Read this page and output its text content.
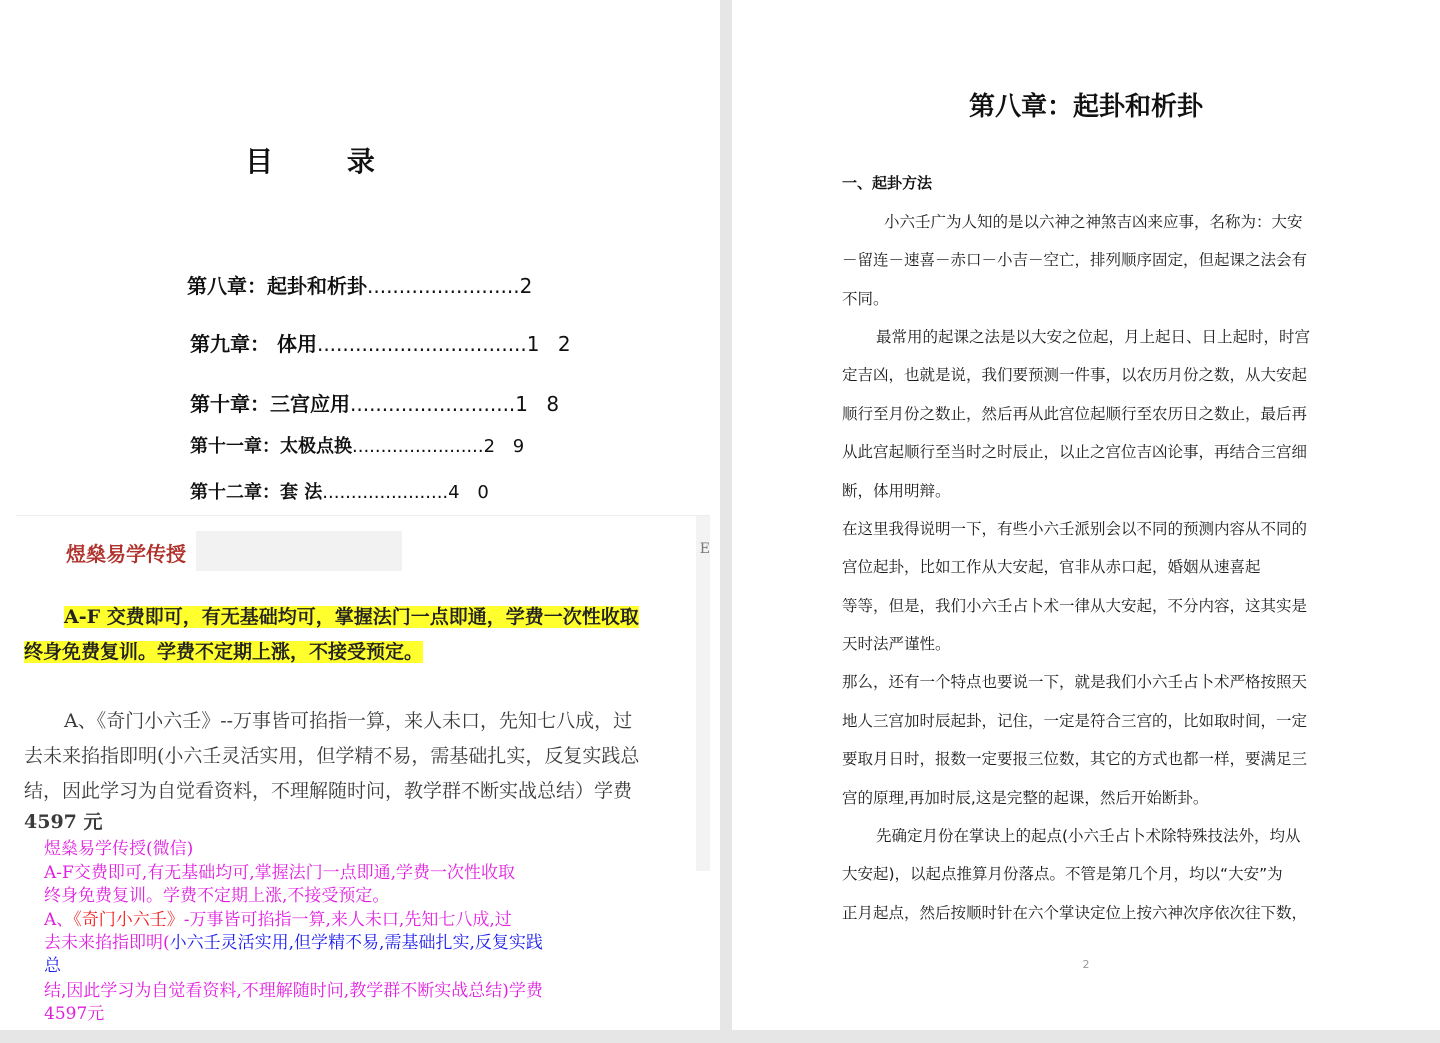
目 录
第八章：起卦和析卦........................2
第九章： 体用.................................1 2
第十章：三宫应用..........................1 8
第十一章：太极点换.......................2 9
第十二章：套 法......................4 0
E
煜燊易学传授
A-F 交费即可，有无基础均可，掌握法门一点即通，学费一次性收取
终身免费复训。学费不定期上涨，不接受预定。
A、《奇门小六壬》--万事皆可掐指一算，来人未口，先知七八成，过
去未来掐指即明(小六壬灵活实用，但学精不易，需基础扎实，反复实践总
结，因此学习为自觉看资料，不理解随时问，教学群不断实战总结）学费
4597 元
煜燊易学传授(微信)
A-F交费即可,有无基础均可,掌握法门一点即通,学费一次性收取
终身免费复训。学费不定期上涨,不接受预定。
A、《奇门小六壬》-万事皆可掐指一算,来人未口,先知七八成,过
去未来掐指即明(小六壬灵活实用,但学精不易,需基础扎实,反复实践
总
结,因此学习为自觉看资料,不理解随时问,教学群不断实战总结)学费
4597元
第八章：起卦和析卦
一、起卦方法
小六壬广为人知的是以六神之神煞吉凶来应事，名称为：大安
－留连－速喜－赤口－小吉－空亡，排列顺序固定，但起课之法会有
不同。
最常用的起课之法是以大安之位起，月上起日、日上起时，时宫
定吉凶，也就是说，我们要预测一件事，以农历月份之数，从大安起
顺行至月份之数止，然后再从此宫位起顺行至农历日之数止，最后再
从此宫起顺行至当时之时辰止，以止之宫位吉凶论事，再结合三宫细
断，体用明辩。
在这里我得说明一下，有些小六壬派别会以不同的预测内容从不同的
宫位起卦，比如工作从大安起，官非从赤口起，婚姻从速喜起
等等，但是，我们小六壬占卜术一律从大安起，不分内容，这其实是
天时法严谨性。
那么，还有一个特点也要说一下，就是我们小六壬占卜术严格按照天
地人三宫加时辰起卦，记住，一定是符合三宫的，比如取时间，一定
要取月日时，报数一定要报三位数，其它的方式也都一样，要满足三
宫的原理,再加时辰,这是完整的起课，然后开始断卦。
先确定月份在掌诀上的起点(小六壬占卜术除特殊技法外，均从
大安起)，以起点推算月份落点。不管是第几个月，均以“大安”为
正月起点，然后按顺时针在六个掌诀定位上按六神次序依次往下数，
2
